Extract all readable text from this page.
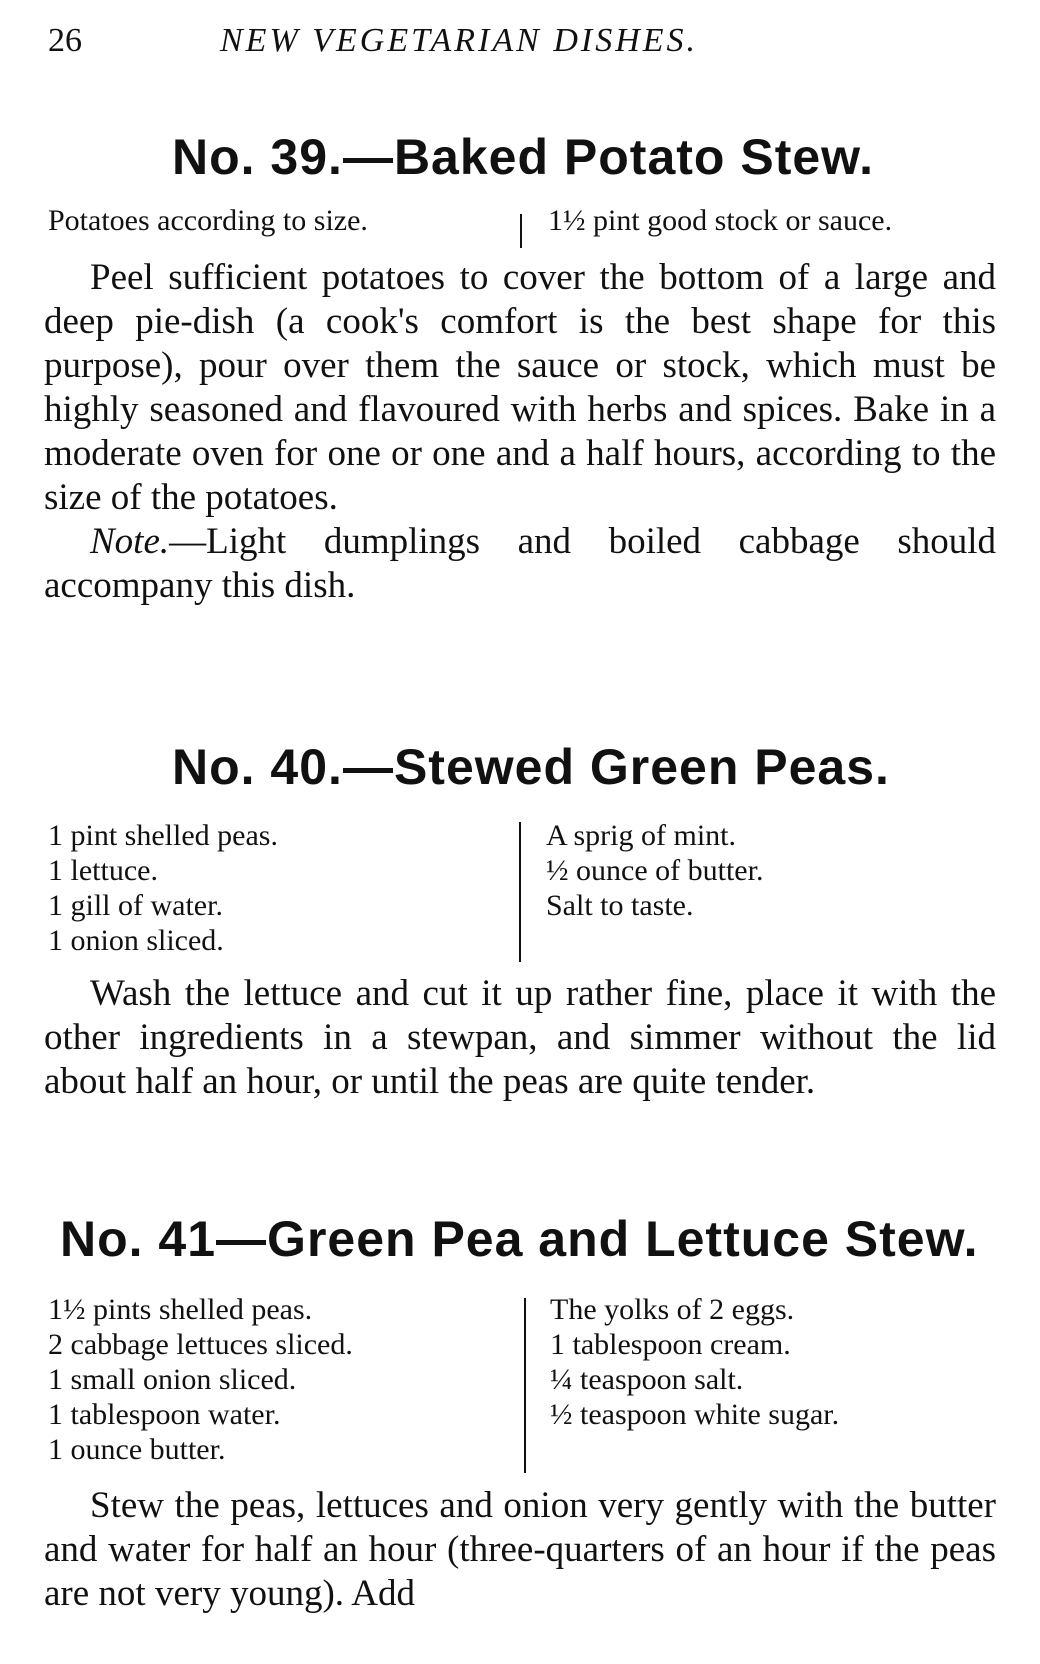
26	NEW VEGETARIAN DISHES.
No. 39.—Baked Potato Stew.
Potatoes according to size.	1½ pint good stock or sauce.

Peel sufficient potatoes to cover the bottom of a large and deep pie-dish (a cook's comfort is the best shape for this purpose), pour over them the sauce or stock, which must be highly seasoned and flavoured with herbs and spices. Bake in a moderate oven for one or one and a half hours, according to the size of the potatoes.

Note.—Light dumplings and boiled cabbage should accompany this dish.

No. 40.—Stewed Green Peas.
1 pint shelled peas.
1 lettuce.
1 gill of water.
1 onion sliced.
A sprig of mint.
½ ounce of butter.
Salt to taste.

Wash the lettuce and cut it up rather fine, place it with the other ingredients in a stewpan, and simmer without the lid about half an hour, or until the peas are quite tender.

No. 41—Green Pea and Lettuce Stew.
1½ pints shelled peas.
2 cabbage lettuces sliced.
1 small onion sliced.
1 tablespoon water.
1 ounce butter.
The yolks of 2 eggs.
1 tablespoon cream.
¼ teaspoon salt.
½ teaspoon white sugar.

Stew the peas, lettuces and onion very gently with the butter and water for half an hour (three-quarters of an hour if the peas are not very young). Add
